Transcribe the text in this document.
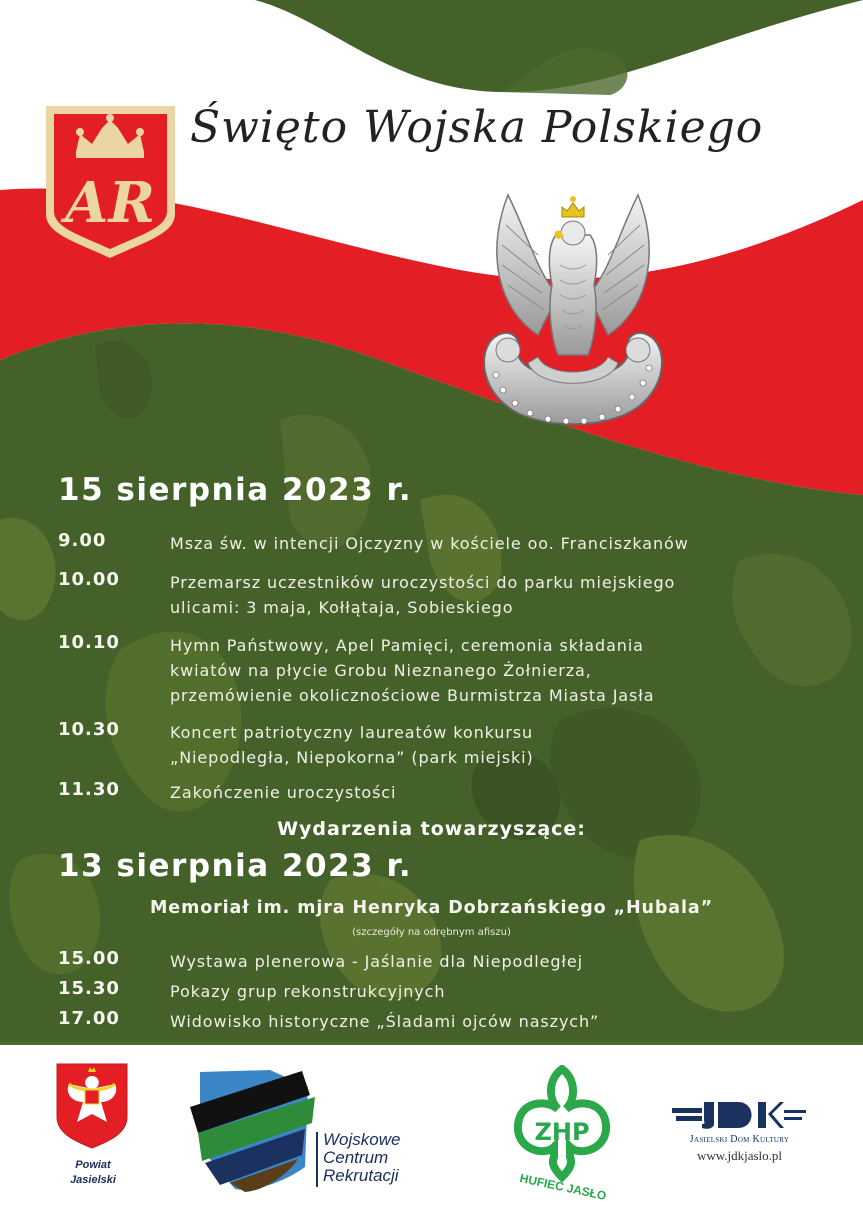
AR
Święto Wojska Polskiego
15 sierpnia 2023 r.
9.00	Msza św. w intencji Ojczyzny w kościele oo. Franciszkanów
10.00	Przemarsz uczestników uroczystości do parku miejskiego
ulicami: 3 maja, Kołłątaja, Sobieskiego
10.10	Hymn Państwowy, Apel Pamięci, ceremonia składania
kwiatów na płycie Grobu Nieznanego Żołnierza,
przemówienie okolicznościowe Burmistrza Miasta Jasła
10.30	Koncert patriotyczny laureatów konkursu
„Niepodległa, Niepokorna” (park miejski)
11.30	Zakończenie uroczystości
Wydarzenia towarzyszące:
13 sierpnia 2023 r.
Memoriał im. mjra Henryka Dobrzańskiego „Hubala”
(szczegóły na odrębnym afiszu)
15.00	Wystawa plenerowa - Jaślanie dla Niepodległej
15.30	Pokazy grup rekonstrukcyjnych
17.00	Widowisko historyczne „Śladami ojców naszych”
Powiat
Jasielski
Wojskowe
Centrum
Rekrutacji
ZHP
HUFIEC JASŁO
Jasielski Dom Kultury
www.jdkjaslo.pl
